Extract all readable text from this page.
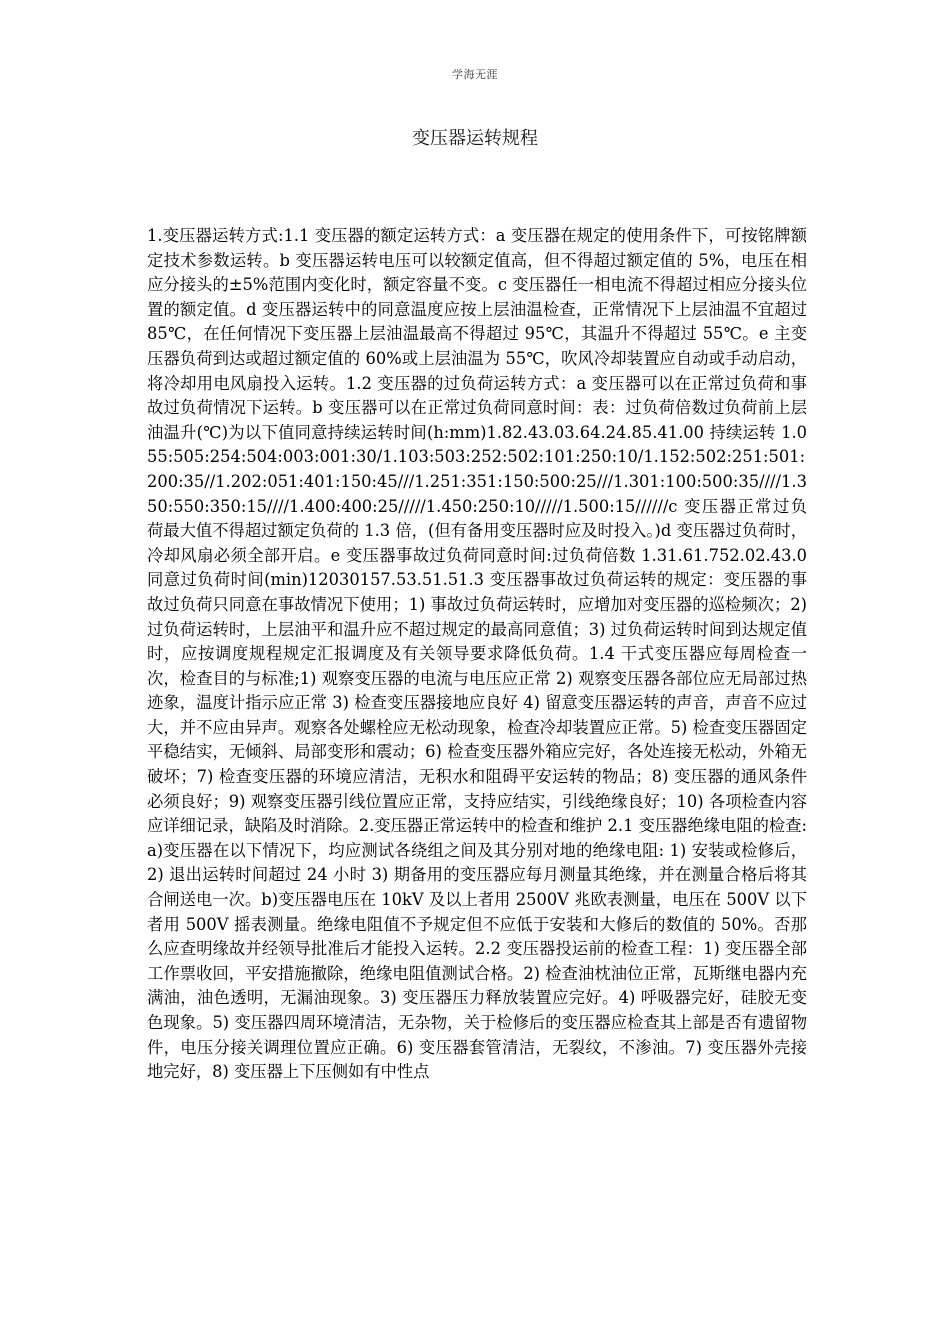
学海无涯
变压器运转规程

1.变压器运转方式:1.1 变压器的额定运转方式：a 变压器在规定的使用条件下，可按铭牌额定技术参数运转。b 变压器运转电压可以较额定值高，但不得超过额定值的 5%，电压在相应分接头的±5%范围内变化时，额定容量不变。c 变压器任一相电流不得超过相应分接头位置的额定值。d 变压器运转中的同意温度应按上层油温检查，正常情况下上层油温不宜超过 85℃，在任何情况下变压器上层油温最高不得超过 95℃，其温升不得超过 55℃。e 主变压器负荷到达或超过额定值的 60%或上层油温为 55℃，吹风冷却装置应自动或手动启动，将冷却用电风扇投入运转。1.2 变压器的过负荷运转方式：a 变压器可以在正常过负荷和事故过负荷情况下运转。b 变压器可以在正常过负荷同意时间：表：过负荷倍数过负荷前上层油温升(℃)为以下值同意持续运转时间(h:mm)1.82.43.03.64.24.85.41.00 持续运转 1.055:505:254:504:003:001:30/1.103:503:252:502:101:250:10/1.152:502:251:501:200:35//1.202:051:401:150:45///1.251:351:150:500:25///1.301:100:500:35////1.350:550:350:15////1.400:400:25/////1.450:250:10/////1.500:15//////c 变压器正常过负荷最大值不得超过额定负荷的 1.3 倍，(但有备用变压器时应及时投入。)d 变压器过负荷时，冷却风扇必须全部开启。e 变压器事故过负荷同意时间:过负荷倍数 1.31.61.752.02.43.0 同意过负荷时间(min)12030157.53.51.51.3 变压器事故过负荷运转的规定：变压器的事故过负荷只同意在事故情况下使用；1) 事故过负荷运转时，应增加对变压器的巡检频次；2) 过负荷运转时，上层油平和温升应不超过规定的最高同意值；3) 过负荷运转时间到达规定值时，应按调度规程规定汇报调度及有关领导要求降低负荷。1.4 干式变压器应每周检查一次，检查目的与标准;1) 观察变压器的电流与电压应正常 2) 观察变压器各部位应无局部过热迹象，温度计指示应正常 3) 检查变压器接地应良好 4) 留意变压器运转的声音，声音不应过大，并不应由异声。观察各处螺栓应无松动现象，检查冷却装置应正常。5) 检查变压器固定平稳结实，无倾斜、局部变形和震动；6) 检查变压器外箱应完好，各处连接无松动，外箱无破坏；7) 检查变压器的环境应清洁，无积水和阻碍平安运转的物品；8) 变压器的通风条件必须良好；9) 观察变压器引线位置应正常，支持应结实，引线绝缘良好；10) 各项检查内容应详细记录，缺陷及时消除。2.变压器正常运转中的检查和维护 2.1 变压器绝缘电阻的检查:a)变压器在以下情况下，均应测试各绕组之间及其分别对地的绝缘电阻: 1) 安装或检修后，2) 退出运转时间超过 24 小时 3) 期备用的变压器应每月测量其绝缘，并在测量合格后将其合闸送电一次。b)变压器电压在 10kV 及以上者用 2500V 兆欧表测量，电压在 500V 以下者用 500V 摇表测量。绝缘电阻值不予规定但不应低于安装和大修后的数值的 50%。否那么应查明缘故并经领导批准后才能投入运转。2.2 变压器投运前的检查工程：1) 变压器全部工作票收回，平安措施撤除，绝缘电阻值测试合格。2) 检查油枕油位正常，瓦斯继电器内充满油，油色透明，无漏油现象。3) 变压器压力释放装置应完好。4) 呼吸器完好，硅胶无变色现象。5) 变压器四周环境清洁，无杂物，关于检修后的变压器应检查其上部是否有遗留物件，电压分接关调理位置应正确。6) 变压器套管清洁，无裂纹，不渗油。7) 变压器外壳接地完好，8) 变压器上下压侧如有中性点
